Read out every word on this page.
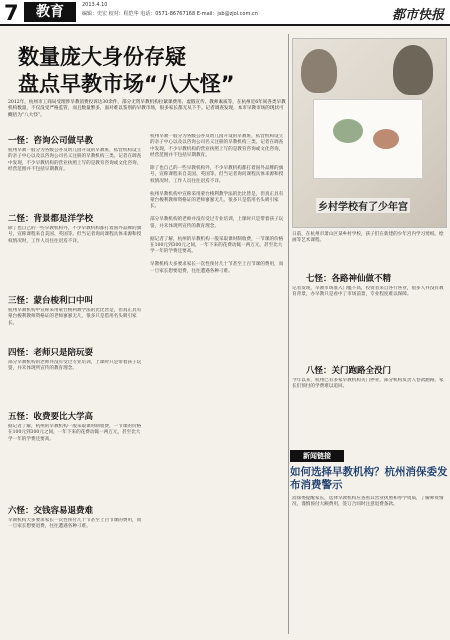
7	教育	2013.4.10
编辑：史宏 校对：程恺华 电话：0571-86767168 E-mail：jsb@zjol.com.cn	都市快报
数量庞大身份存疑
盘点早教市场“八大怪”
2012年，杭州市工商局受理涉早教消费投诉达30余件，部分无资早教机构拉紧课费用、虚假宣传、教师素质等，在杭州近6年间各类早教机构数量，不仅没受严格监管，而且数量繁多，面对难以鉴别的早教市场，很多家长都无从下手。记者调查发现，本市早教市场的现状可概括为“八大怪”。
一怪：咨询公司做早教
杭州早教一般分为各级公办及幼儿园开设的早教班，私营机构设立的亲子中心以及以咨询公司名义注册的早教机构三类。记者在调查中发现，不少早教机构的营业执照上写的是教育咨询或文化咨询，经营范围并不包括早期教育。
二怪：背景都是洋学校
除了也自己的一些早教机构外，不少早教机构都打着国外品牌的旗号，宣称课程来自美国、英国等。但当记者询问课程具体来源和授权情况时，工作人员往往语焉不详。
三怪：蒙台梭利口中叫
杭州早教机构中宣称采用蒙台梭利教学法的比比皆是，但真正具有蒙台梭利教师资格证的老师寥寥无几，很多只是借用名头吸引家长。
四怪：老师只是陪玩耍
部分早教机构的老师并没有受过专业培训，上课时只是带着孩子玩耍，并未体现所宣传的教育理念。
五怪：收费要比大学高
据记者了解，杭州的早教机构一般采取课时制收费，一节课的价格在100元到300元之间，一年下来的花费动辄一两万元，甚至比大学一年的学费还要高。
六怪：交钱容易退费难
早教机构大多要求家长一次性预付几十节甚至上百节课的费用，而一旦家长想要退费，往往遭遇各种刁难。
杭州早教一般分为各级公办及幼儿园开设的早教班，私营机构设立的亲子中心以及以咨询公司名义注册的早教机构三类。记者在调查中发现，不少早教机构的营业执照上写的是教育咨询或文化咨询，经营范围并不包括早期教育。

除了也自己的一些早教机构外，不少早教机构都打着国外品牌的旗号，宣称课程来自美国、英国等。但当记者询问课程具体来源和授权情况时，工作人员往往语焉不详。

杭州早教机构中宣称采用蒙台梭利教学法的比比皆是，但真正具有蒙台梭利教师资格证的老师寥寥无几，很多只是借用名头吸引家长。

部分早教机构的老师并没有受过专业培训，上课时只是带着孩子玩耍，并未体现所宣传的教育理念。

据记者了解，杭州的早教机构一般采取课时制收费，一节课的价格在100元到300元之间，一年下来的花费动辄一两万元，甚至比大学一年的学费还要高。

早教机构大多要求家长一次性预付几十节甚至上百节课的费用，而一旦家长想要退费，往往遭遇各种刁难。
乡村学校有了少年宫
日前，在杭州市萧山区某乡村学校，孩子们在新建的少年宫内学习剪纸、绘画等艺术课程。
七怪：各路神仙做不精
记者发现，早教市场准入门槛不高，投资者来自各行各业，很多人并没有教育背景，办早教只是看中了市场前景，专业程度难以保障。
八怪：关门跑路全没门
今年以来，杭州已有多家早教机构关门停业，部分机构负责人卷款跑路，家长们预付的学费难以追回。
新闻链接
如何选择早教机构？杭州消保委发布消费警示
消保委提醒家长，选择早教机构应查看其营业执照和办学资质，了解师资情况，谨慎预付大额费用，签订合同时注意退费条款。
